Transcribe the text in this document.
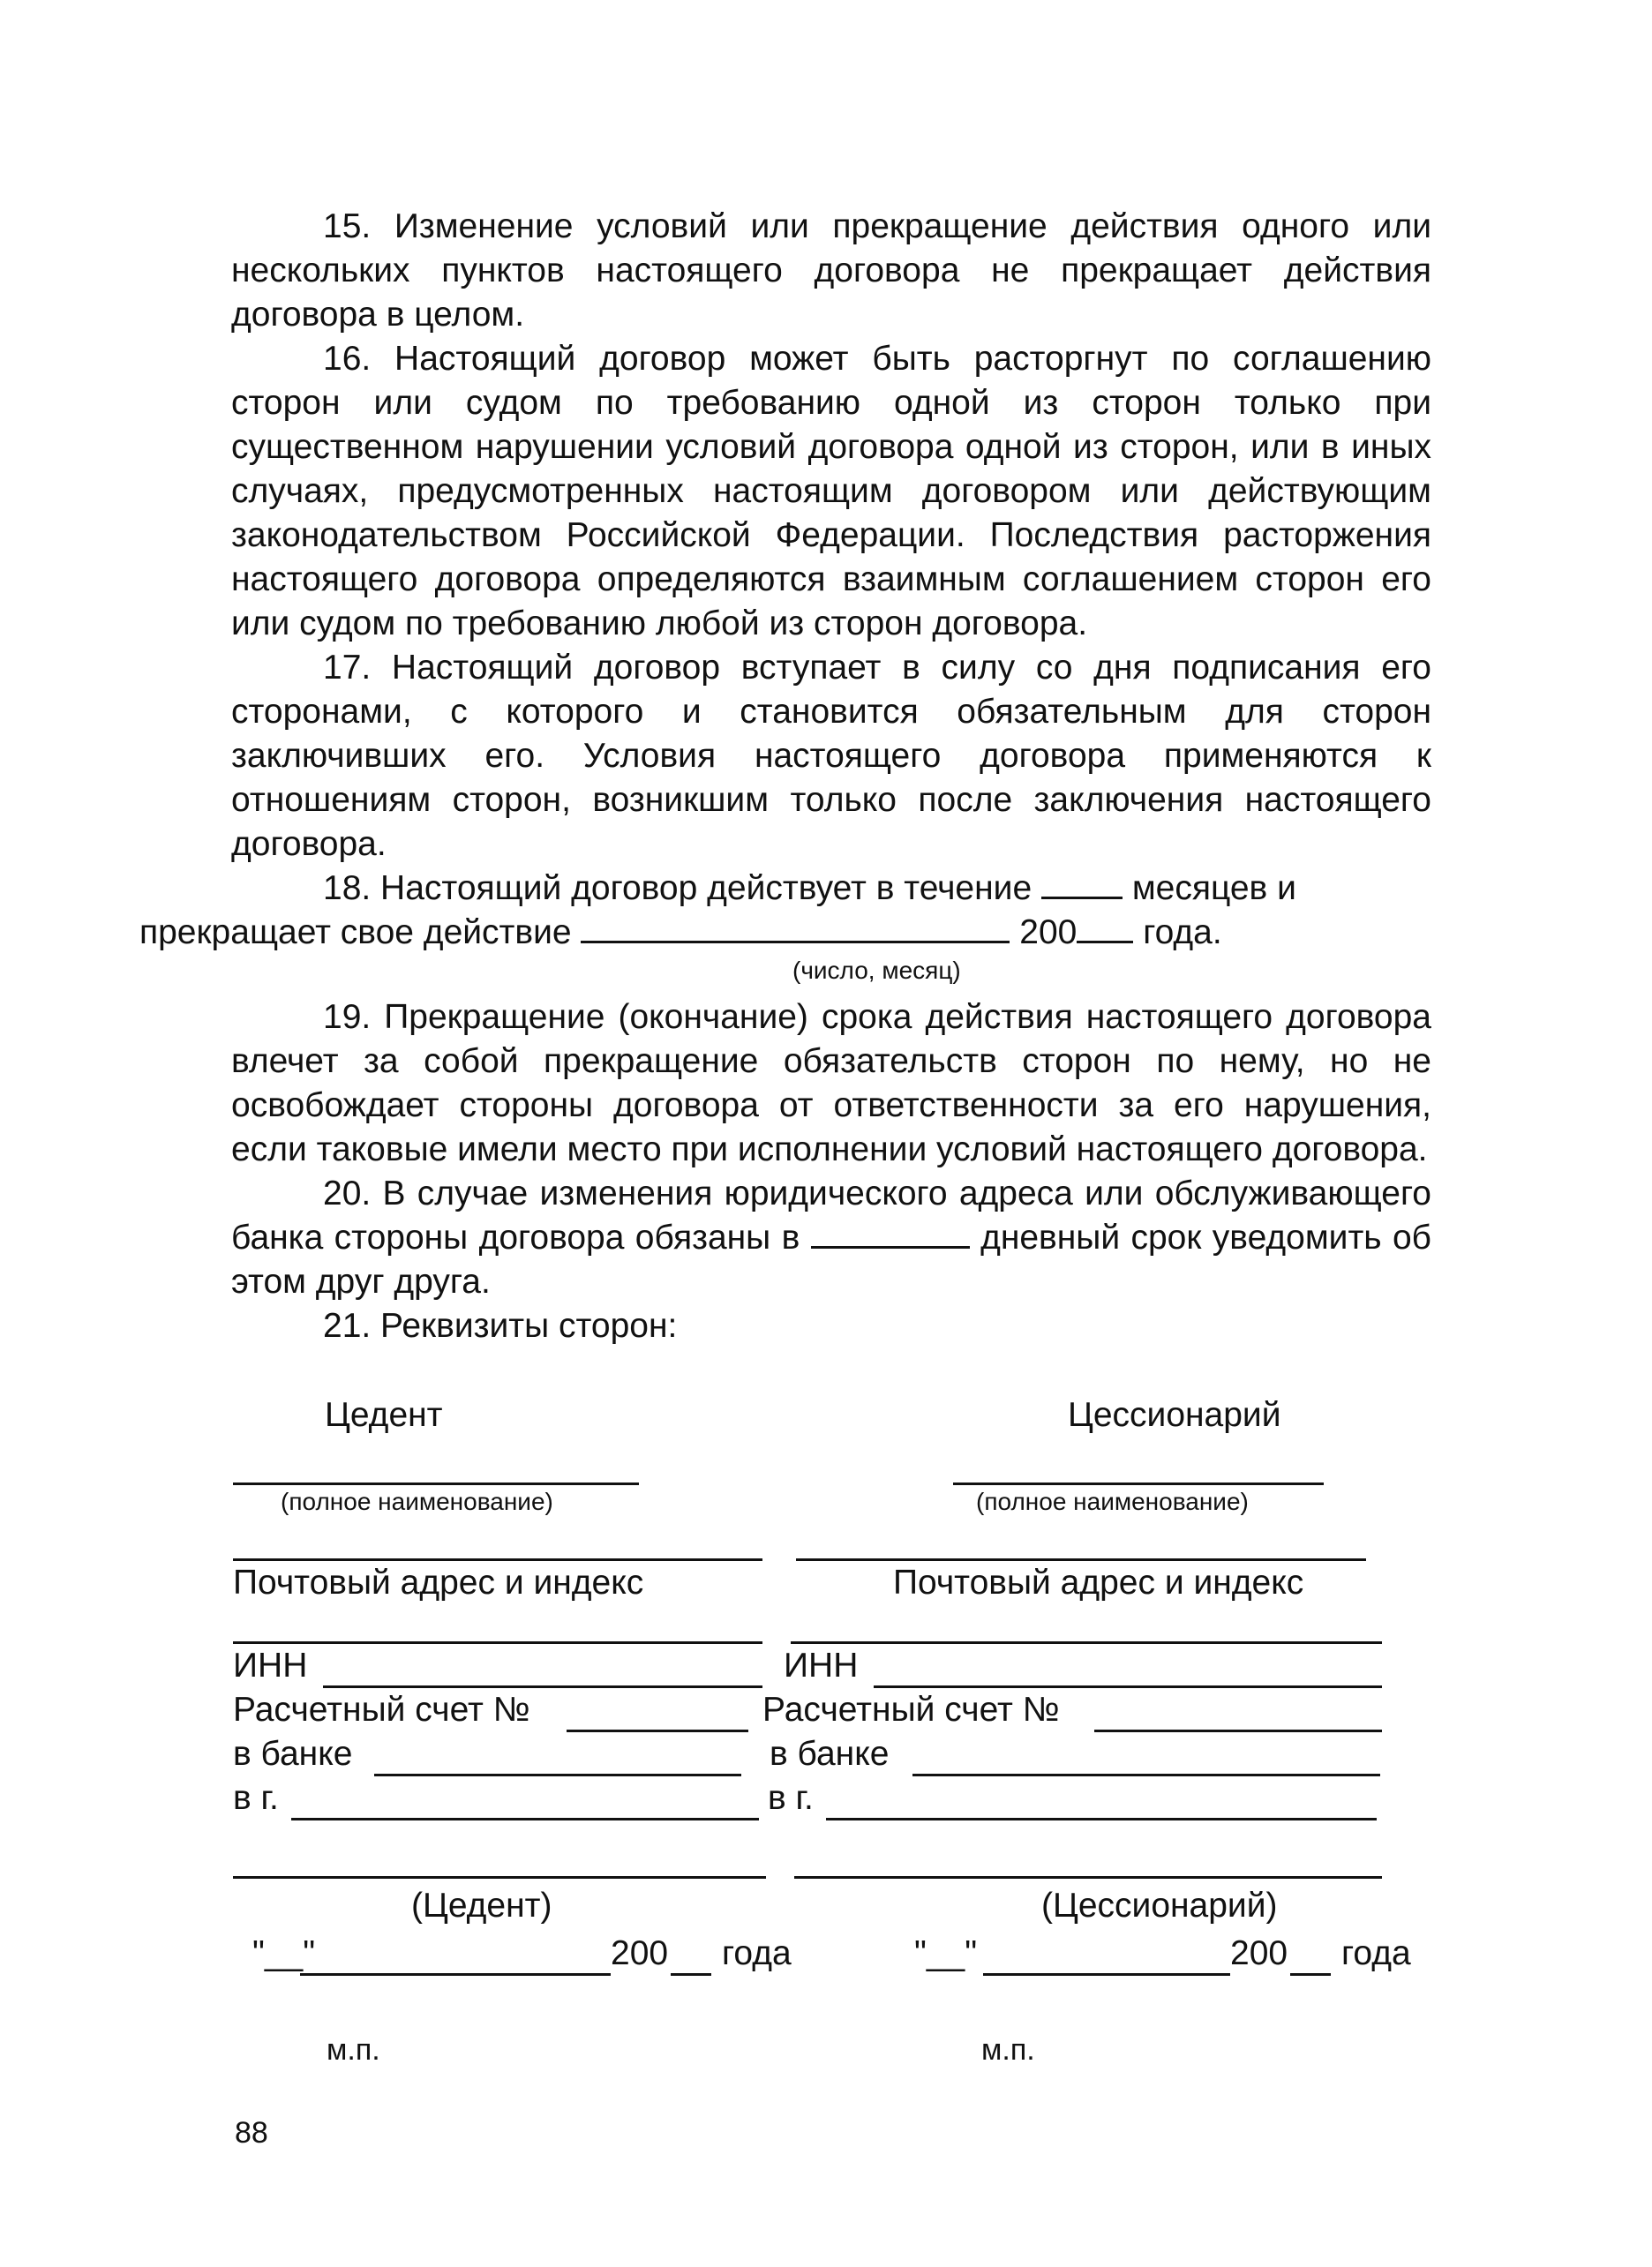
15. Изменение условий или прекращение действия одного или нескольких пунктов настоящего договора не прекращает действия договора в целом.

16. Настоящий договор может быть расторгнут по соглашению сторон или судом по требованию одной из сторон только при существенном нарушении условий договора одной из сторон, или в иных случаях, предусмотренных настоящим договором или действующим законодательством Российской Федерации. Последствия расторжения настоящего договора определяются взаимным соглашением сторон его или судом по требованию любой из сторон договора.

17. Настоящий договор вступает в силу со дня подписания его сторонами, с которого и становится обязательным для сторон заключивших его. Условия настоящего договора применяются к отношениям сторон, возникшим только после заключения настоящего договора.

18. Настоящий договор действует в течение	месяцев и
прекращает свое действие	200 года.

(число, месяц)

19. Прекращение (окончание) срока действия настоящего договора влечет за собой прекращение обязательств сторон по нему, но не освобождает стороны договора от ответственности за его нарушения, если таковые имели место при исполнении условий настоящего договора.

20. В случае изменения юридического адреса или обслуживающего банка стороны договора обязаны в	дневный срок уведомить об этом друг друга.

21. Реквизиты сторон:

Цедент	Цессионарий
(полное наименование)	(полное наименование)
Почтовый адрес и индекс	Почтовый адрес и индекс
ИНН	ИНН
Расчетный счет №	Расчетный счет №
в банке	в банке
в г.	в г.
(Цедент)	(Цессионарий)
"__"	200 года	"__"	200 года
м.п.	м.п.
88
